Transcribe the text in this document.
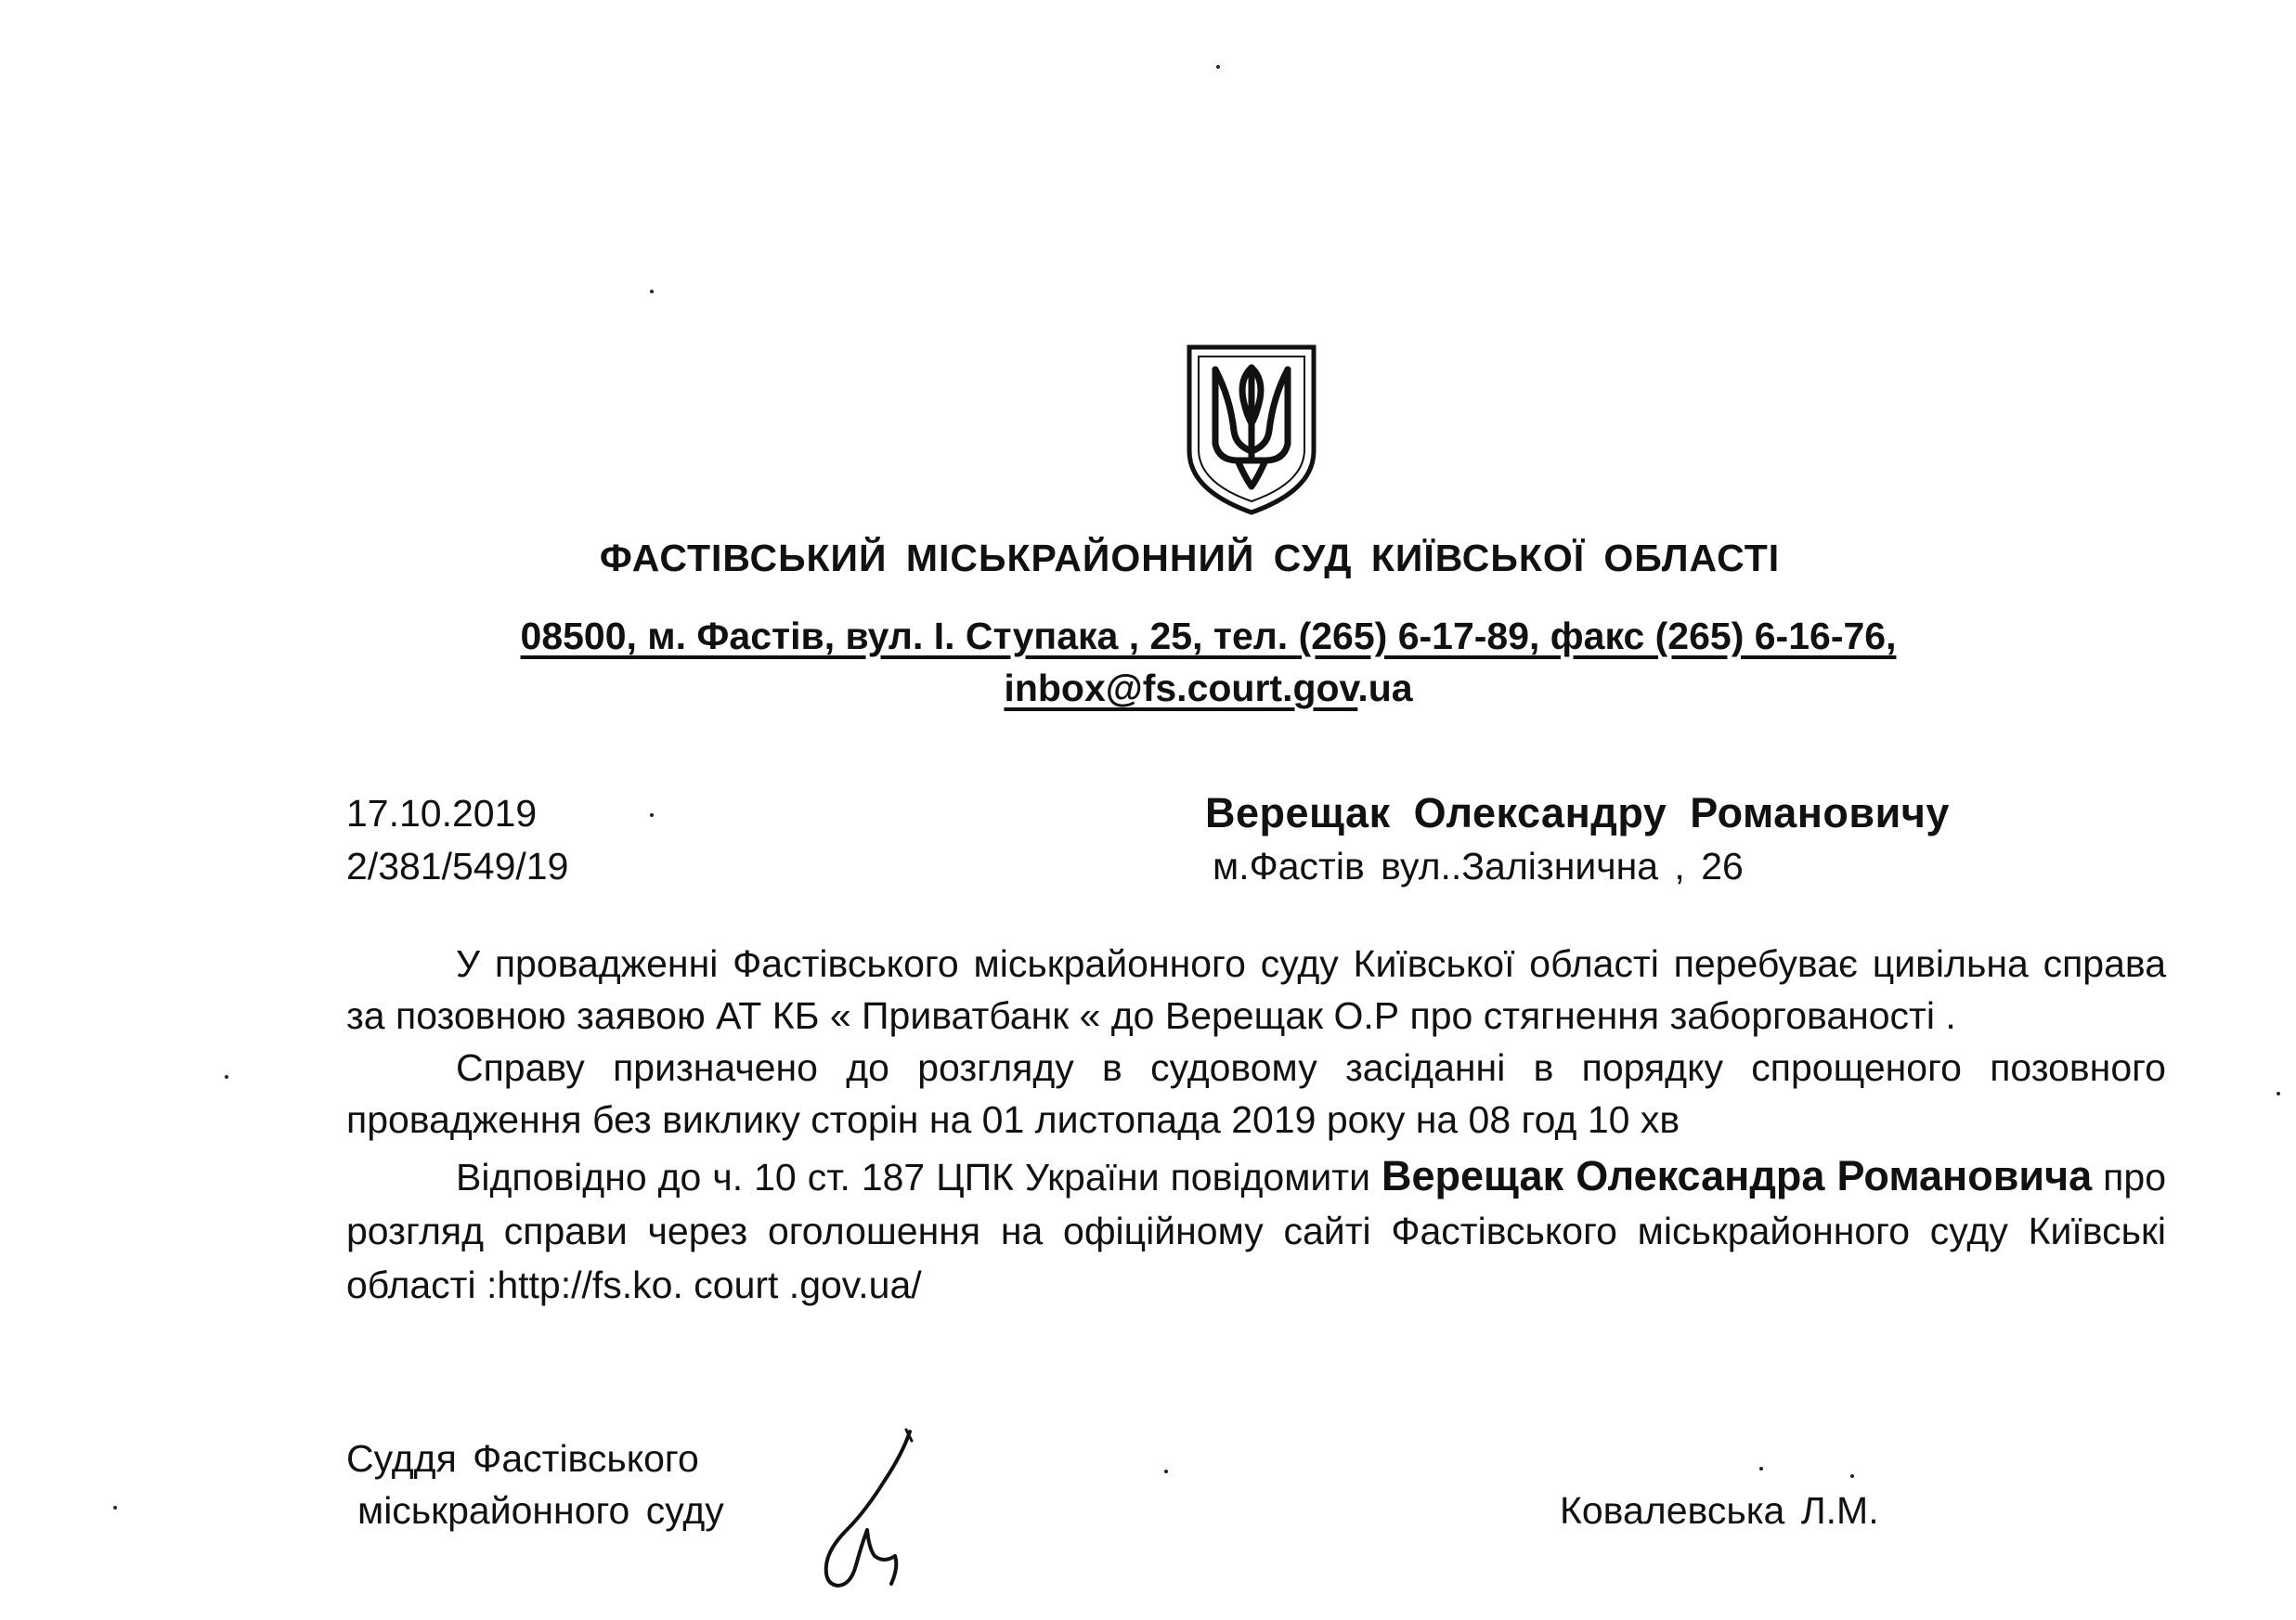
ФАСТІВСЬКИЙ МІСЬКРАЙОННИЙ СУД КИЇВСЬКОЇ ОБЛАСТІ
08500, м. Фастів, вул. І. Ступака , 25, тел. (265) 6-17-89, факс (265) 6-16-76,
inbox@fs.court.gov.ua
17.10.2019
2/381/549/19
Верещак Олександру Романовичу
м.Фастів вул..Залізнична , 26

У провадженні Фастівського міськрайонного суду Київської області перебуває цивільна справа за позовною заявою АТ КБ « Приватбанк « до Верещак О.Р про стягнення заборгованості .

Справу призначено до розгляду в судовому засіданні в порядку спрощеного позовного провадження без виклику сторін на 01 листопада 2019 року на 08 год 10 хв

Відповідно до ч. 10 ст. 187 ЦПК України повідомити Верещак Олександра Романовича про розгляд справи через оголошення на офіційному сайті Фастівського міськрайонного суду Київські області :http://fs.ko. court .gov.ua/

Суддя Фастівського
міськрайонного суду	Ковалевська Л.М.
